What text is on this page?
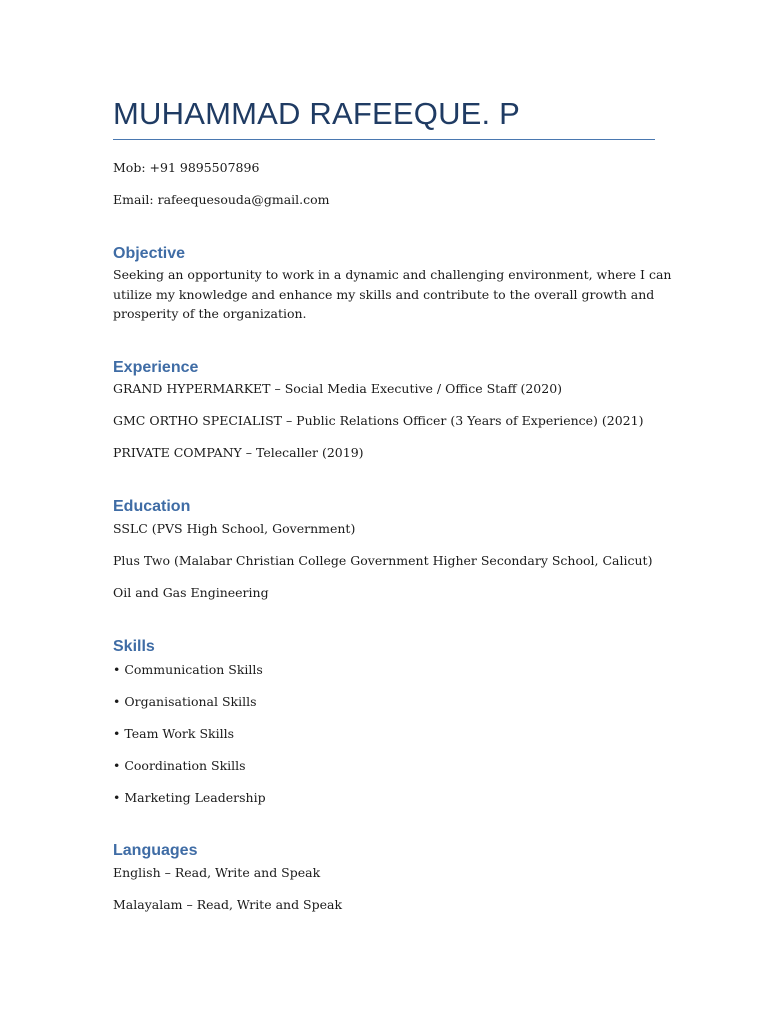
MUHAMMAD RAFEEQUE. P

Mob: +91 9895507896

Email: rafeequesouda@gmail.com

Objective

Seeking an opportunity to work in a dynamic and challenging environment, where I can

utilize my knowledge and enhance my skills and contribute to the overall growth and

prosperity of the organization.

Experience

GRAND HYPERMARKET – Social Media Executive / Office Staff (2020)

GMC ORTHO SPECIALIST – Public Relations Officer (3 Years of Experience) (2021)

PRIVATE COMPANY – Telecaller (2019)

Education

SSLC (PVS High School, Government)

Plus Two (Malabar Christian College Government Higher Secondary School, Calicut)

Oil and Gas Engineering

Skills

• Communication Skills

• Organisational Skills

• Team Work Skills

• Coordination Skills

• Marketing Leadership

Languages

English – Read, Write and Speak

Malayalam – Read, Write and Speak
